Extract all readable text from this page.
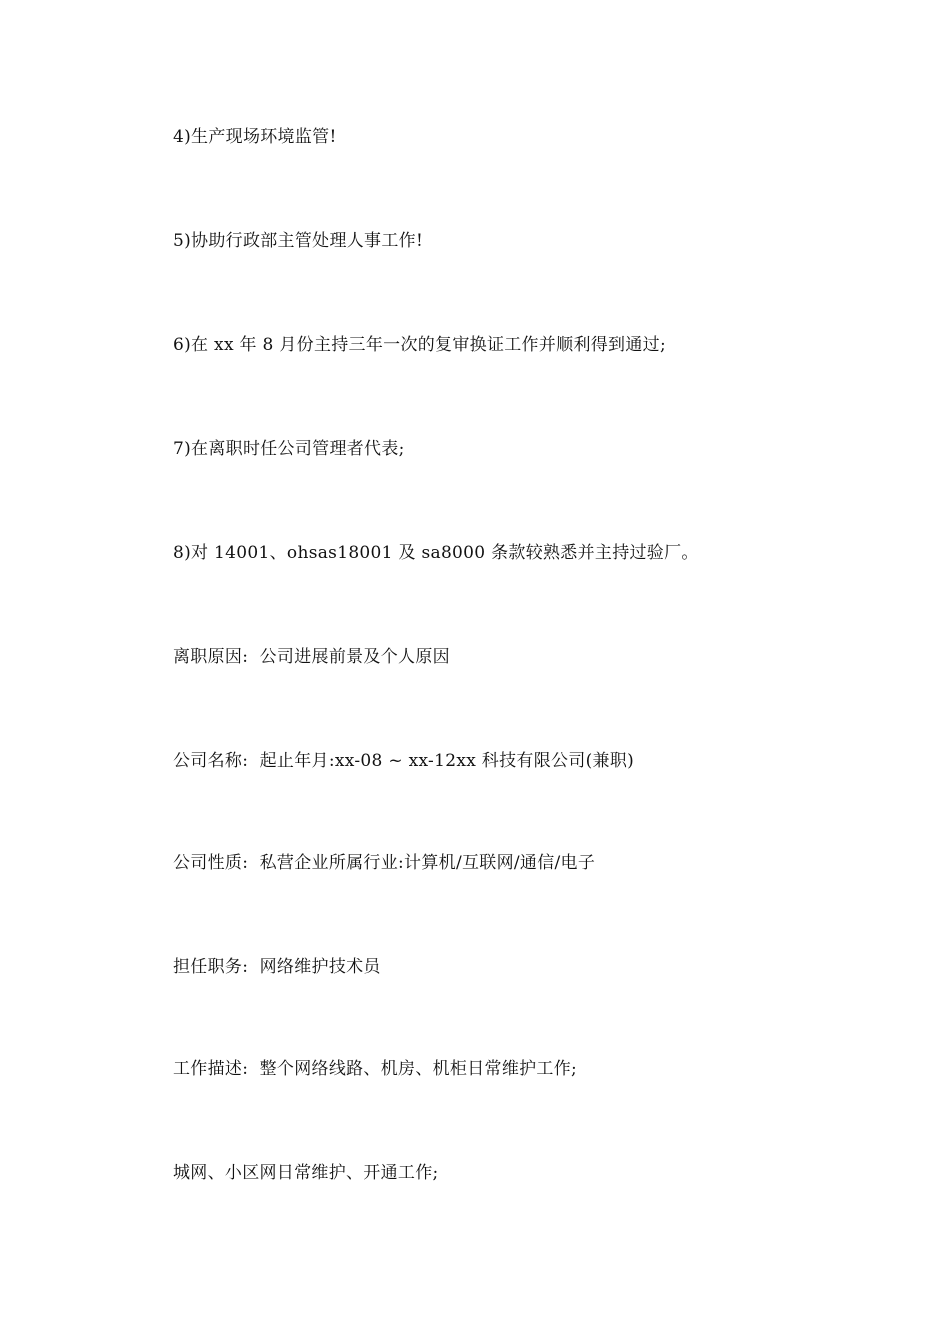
4)生产现场环境监管!
5)协助行政部主管处理人事工作!
6)在 xx 年 8 月份主持三年一次的复审换证工作并顺利得到通过;
7)在离职时任公司管理者代表;
8)对 14001、ohsas18001 及 sa8000 条款较熟悉并主持过验厂。
离职原因:  公司进展前景及个人原因
公司名称:  起止年月:xx-08 ~ xx-12xx 科技有限公司(兼职)
公司性质:  私营企业所属行业:计算机/互联网/通信/电子
担任职务:  网络维护技术员
工作描述:  整个网络线路、机房、机柜日常维护工作;
城网、小区网日常维护、开通工作;
